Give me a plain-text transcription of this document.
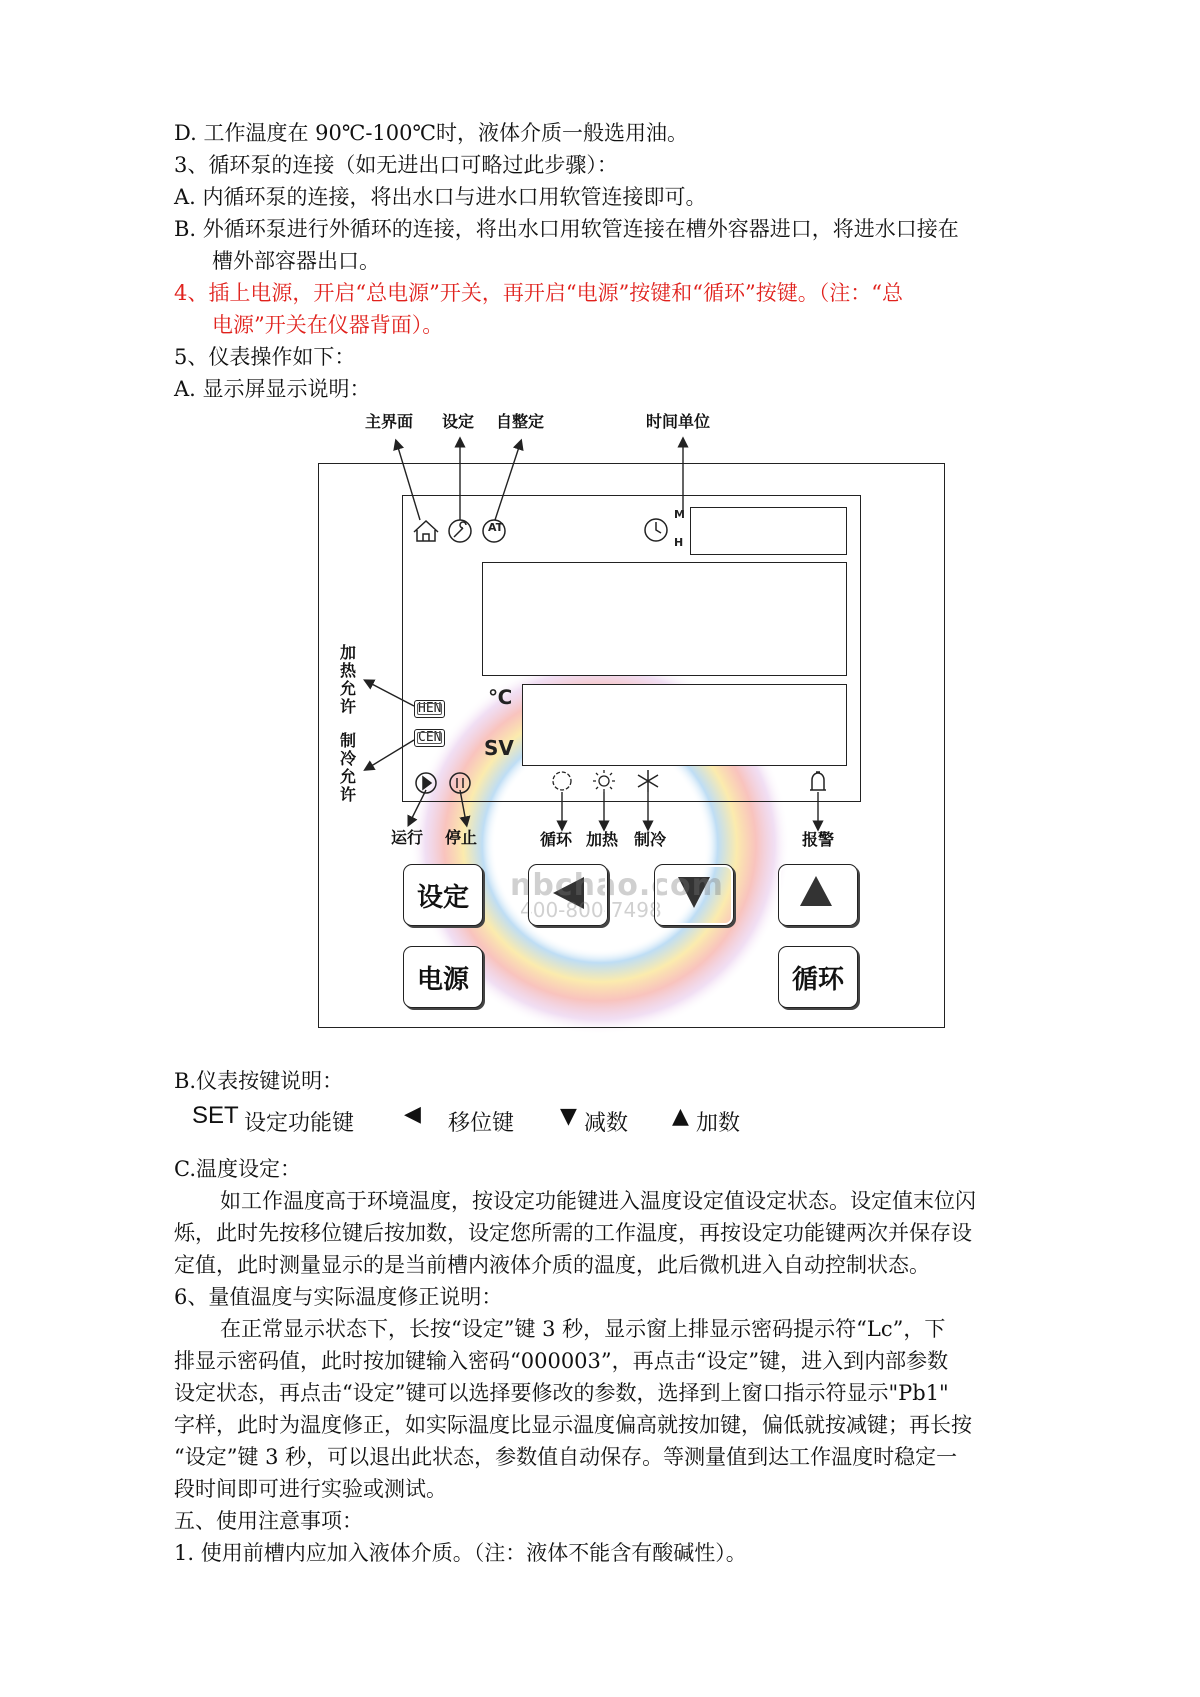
D. 工作温度在 90℃-100℃时，液体介质一般选用油。

3、循环泵的连接（如无进出口可略过此步骤）：

A. 内循环泵的连接，将出水口与进水口用软管连接即可。

B. 外循环泵进行外循环的连接，将出水口用软管连接在槽外容器进口，将进水口接在

槽外部容器出口。

4、插上电源，开启“总电源”开关，再开启“电源”按键和“循环”按键。（注：“总

电源”开关在仪器背面）。

5、仪表操作如下：

A. 显示屏显示说明：

主界面 设定 自整定	时间单位
加热允许
制冷允许
运行 停止	循环 加热 制冷	报警
AT
M
H
℃
SV
HEN
CEN
nbchao.com
400-800-7498
设定
电源	循环

B.仪表按键说明：

SET 设定功能键 ◀ 移位键 ▼ 减数 ▲ 加数

C.温度设定：

如工作温度高于环境温度，按设定功能键进入温度设定值设定状态。设定值末位闪

烁，此时先按移位键后按加数，设定您所需的工作温度，再按设定功能键两次并保存设

定值，此时测量显示的是当前槽内液体介质的温度，此后微机进入自动控制状态。

6、量值温度与实际温度修正说明：

在正常显示状态下，长按“设定”键 3 秒，显示窗上排显示密码提示符“Lc”，下

排显示密码值，此时按加键输入密码“000003”，再点击“设定”键，进入到内部参数

设定状态，再点击“设定”键可以选择要修改的参数，选择到上窗口指示符显示"Pb1"

字样，此时为温度修正，如实际温度比显示温度偏高就按加键，偏低就按减键；再长按

“设定”键 3 秒，可以退出此状态，参数值自动保存。等测量值到达工作温度时稳定一

段时间即可进行实验或测试。

五、使用注意事项：

1. 使用前槽内应加入液体介质。（注：液体不能含有酸碱性）。
